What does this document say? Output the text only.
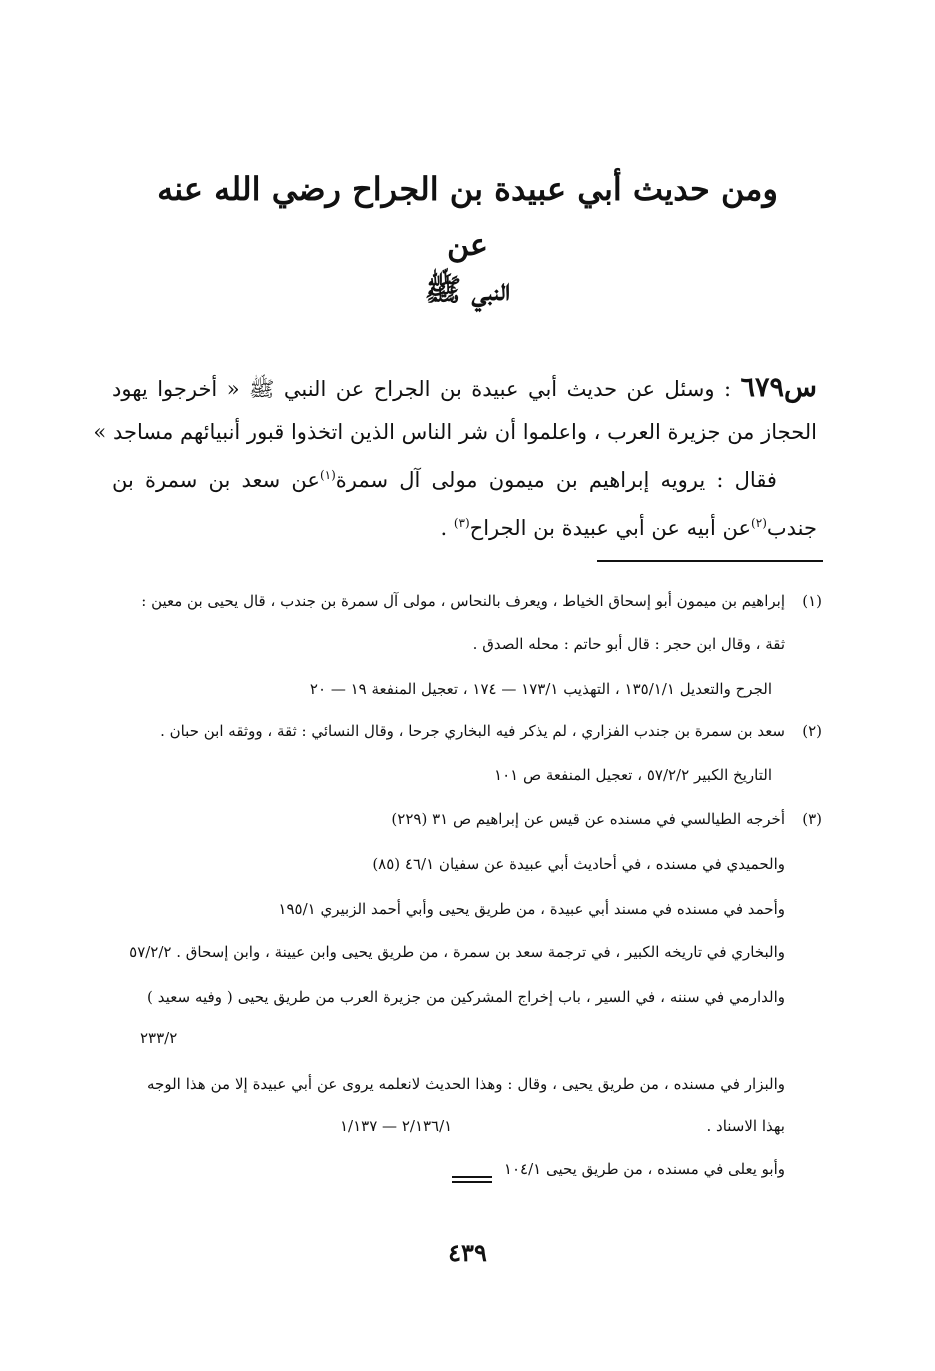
ومن حديث أبي عبيدة بن الجراح رضي الله عنه
عن
النبي ﷺ
س٦٧٩ : وسئل عن حديث أبي عبيدة بن الجراح عن النبي ﷺ « أخرجوا يهود
الحجاز من جزيرة العرب ، واعلموا أن شر الناس الذين اتخذوا قبور أنبيائهم مساجد »
فقال : يرويه إبراهيم بن ميمون مولى آل سمرة$^{(١)}$عن سعد بن سمرة بن
جندب$^{(٢)}$عن أبيه عن أبي عبيدة بن الجراح$^{(٣)}$ .
(١)
إبراهيم بن ميمون أبو إسحاق الخياط ، ويعرف بالنحاس ، مولى آل سمرة بن جندب ، قال يحيى بن معين :
ثقة ، وقال ابن حجر : قال أبو حاتم : محله الصدق .
الجرح والتعديل ١٣٥/١/١ ، التهذيب ١٧٣/١ — ١٧٤ ، تعجيل المنفعة ١٩ — ٢٠
(٢)
سعد بن سمرة بن جندب الفزاري ، لم يذكر فيه البخاري جرحا ، وقال النسائي : ثقة ، ووثقه ابن حبان .
التاريخ الكبير ٥٧/٢/٢ ، تعجيل المنفعة ص ١٠١
(٣)
أخرجه الطيالسي في مسنده عن قيس عن إبراهيم ص ٣١ (٢٢٩)
والحميدي في مسنده ، في أحاديث أبي عبيدة عن سفيان ٤٦/١ (٨٥)
وأحمد في مسنده في مسند أبي عبيدة ، من طريق يحيى وأبي أحمد الزبيري ١٩٥/١
والبخاري في تاريخه الكبير ، في ترجمة سعد بن سمرة ، من طريق يحيى وابن عيينة ، وابن إسحاق . ٥٧/٢/٢
والدارمي في سننه ، في السير ، باب إخراج المشركين من جزيرة العرب من طريق يحيى ( وفيه سعيد )
٢٣٣/٢
والبزار في مسنده ، من طريق يحيى ، وقال : وهذا الحديث لانعلمه يروى عن أبي عبيدة إلا من هذا الوجه
بهذا الاسناد .
٢/١٣٦/١ — ١/١٣٧
وأبو يعلى في مسنده ، من طريق يحيى ١٠٤/١
٤٣٩
